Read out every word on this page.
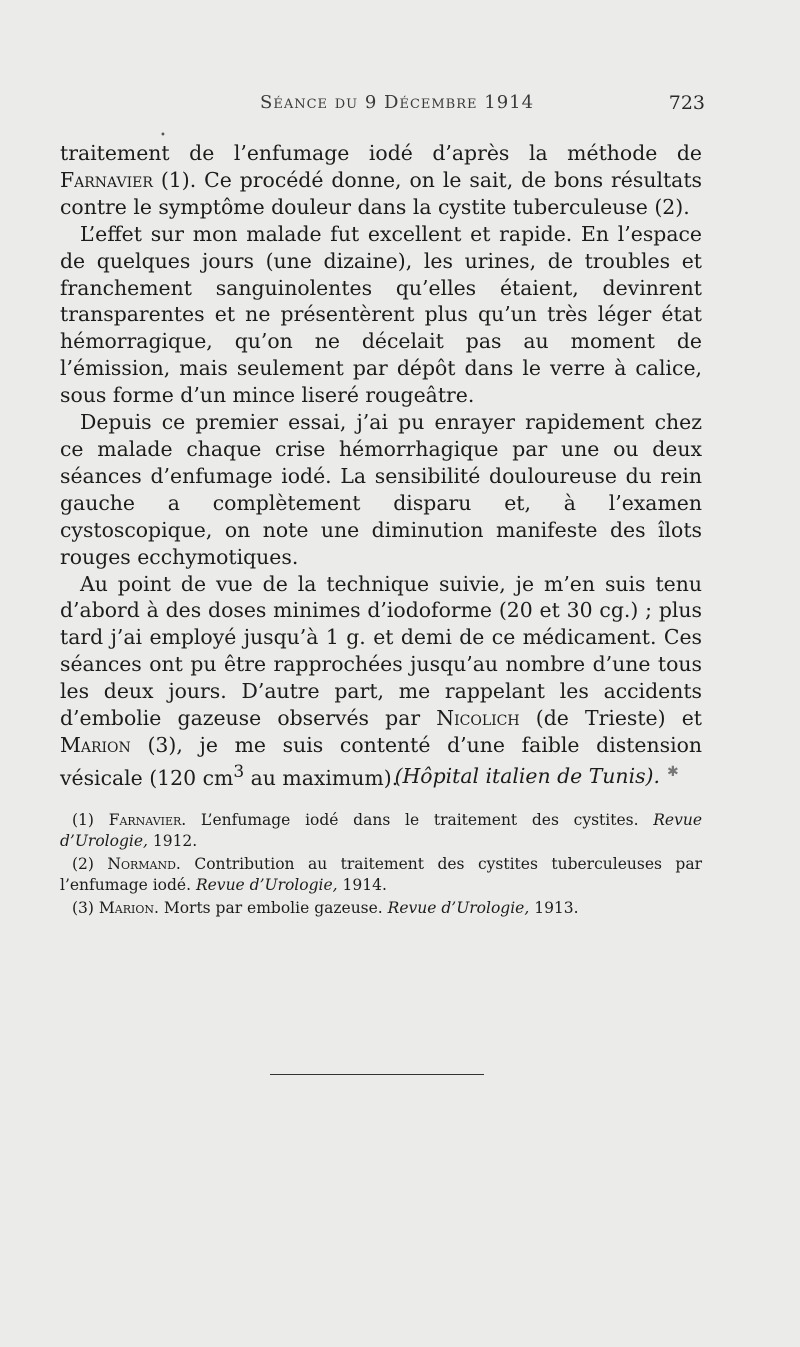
•
Séance du 9 Décembre 1914	723

traitement de l’enfumage iodé d’après la méthode de Farnavier (1). Ce procédé donne, on le sait, de bons résultats contre le symptôme douleur dans la cystite tuberculeuse (2).

L’effet sur mon malade fut excellent et rapide. En l’espace de quelques jours (une dizaine), les urines, de troubles et franchement sanguinolentes qu’elles étaient, devinrent transparentes et ne présentèrent plus qu’un très léger état hémorragique, qu’on ne décelait pas au moment de l’émission, mais seulement par dépôt dans le verre à calice, sous forme d’un mince liseré rougeâtre.

Depuis ce premier essai, j’ai pu enrayer rapidement chez ce malade chaque crise hémorrhagique par une ou deux séances d’enfumage iodé. La sensibilité douloureuse du rein gauche a complètement disparu et, à l’examen cystoscopique, on note une diminution manifeste des îlots rouges ecchymotiques.

Au point de vue de la technique suivie, je m’en suis tenu d’abord à des doses minimes d’iodoforme (20 et 30 cg.) ; plus tard j’ai employé jusqu’à 1 g. et demi de ce médicament. Ces séances ont pu être rapprochées jusqu’au nombre d’une tous les deux jours. D’autre part, me rappelant les accidents d’embolie gazeuse observés par Nicolich (de Trieste) et Marion (3), je me suis contenté d’une faible distension vésicale (120 $cm^3$ au maximum).

(Hôpital italien de Tunis). ✱

(1) Farnavier. L’enfumage iodé dans le traitement des cystites. Revue d’Urologie, 1912.

(2) Normand. Contribution au traitement des cystites tuberculeuses par l’enfumage iodé. Revue d’Urologie, 1914.

(3) Marion. Morts par embolie gazeuse. Revue d’Urologie, 1913.
